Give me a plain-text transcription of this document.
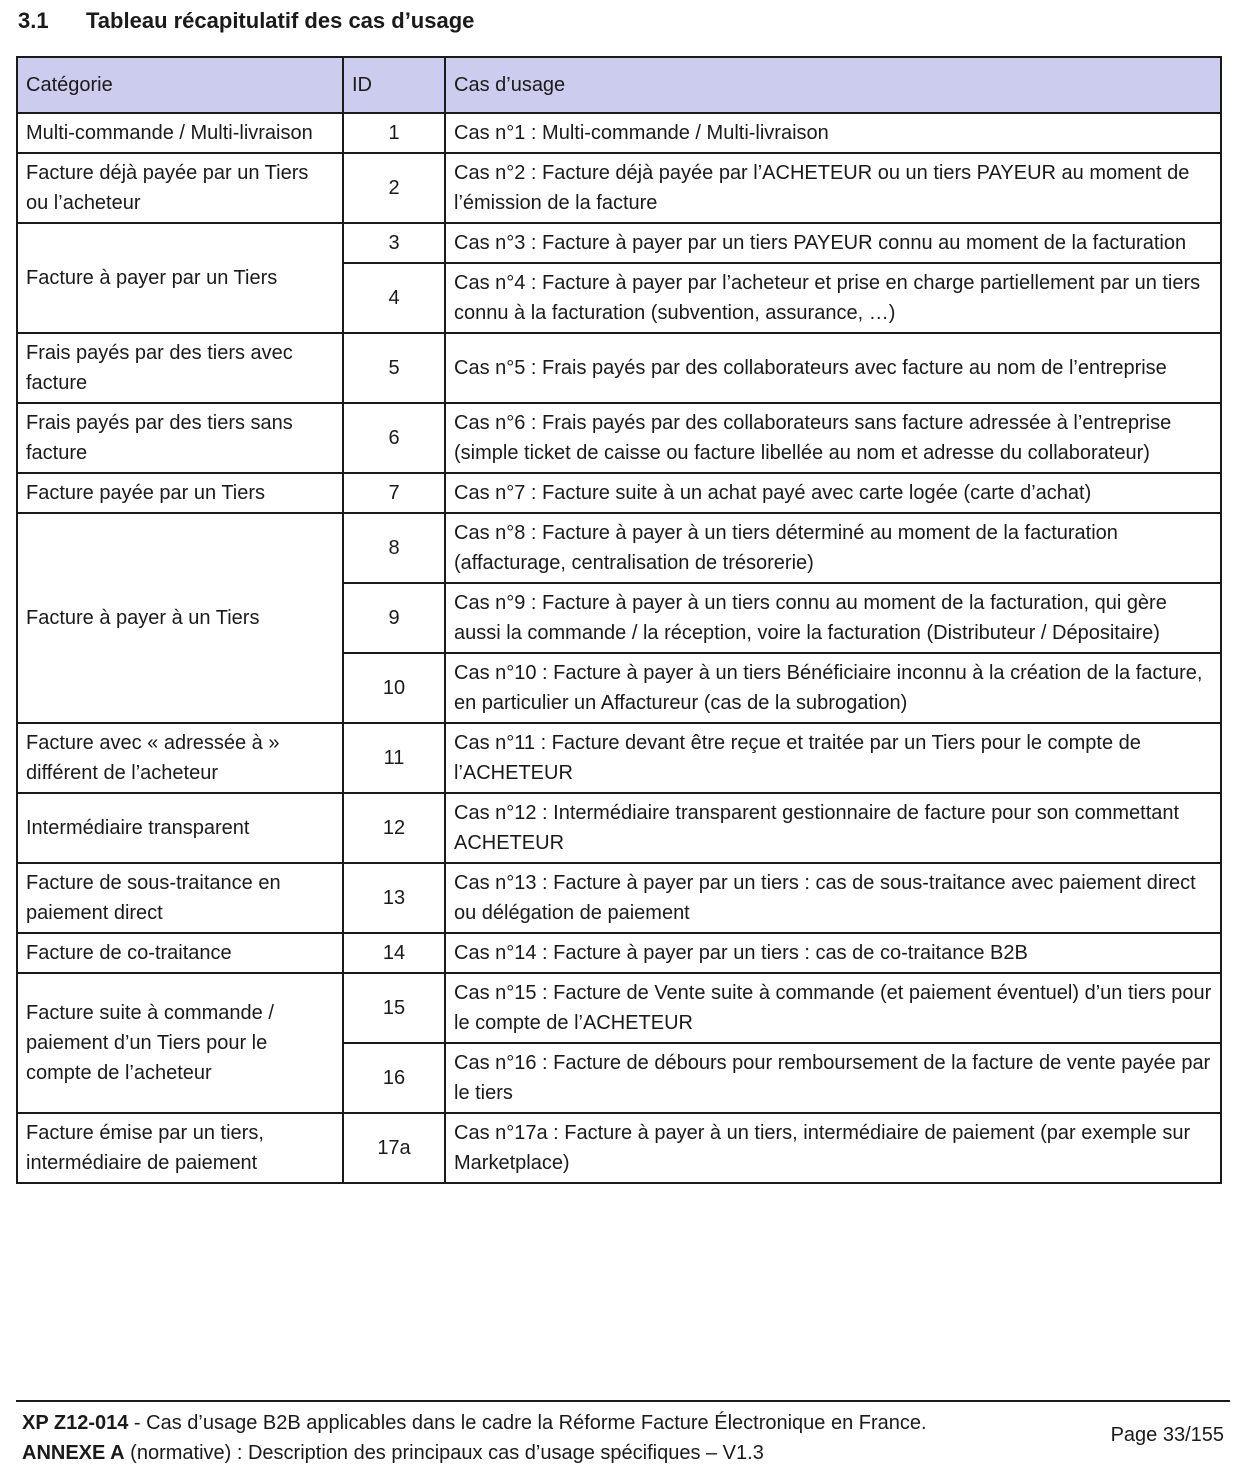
3.1 Tableau récapitulatif des cas d’usage
Catégorie	ID	Cas d’usage
Multi-commande / Multi-livraison	1	Cas n°1 : Multi-commande / Multi-livraison
Facture déjà payée par un Tiers ou l’acheteur	2	Cas n°2 : Facture déjà payée par l’ACHETEUR ou un tiers PAYEUR au moment de l’émission de la facture
Facture à payer par un Tiers	3	Cas n°3 : Facture à payer par un tiers PAYEUR connu au moment de la facturation
	4	Cas n°4 : Facture à payer par l’acheteur et prise en charge partiellement par un tiers connu à la facturation (subvention, assurance, …)
Frais payés par des tiers avec facture	5	Cas n°5 : Frais payés par des collaborateurs avec facture au nom de l’entreprise
Frais payés par des tiers sans facture	6	Cas n°6 : Frais payés par des collaborateurs sans facture adressée à l’entreprise (simple ticket de caisse ou facture libellée au nom et adresse du collaborateur)
Facture payée par un Tiers	7	Cas n°7 : Facture suite à un achat payé avec carte logée (carte d’achat)
Facture à payer à un Tiers	8	Cas n°8 : Facture à payer à un tiers déterminé au moment de la facturation (affacturage, centralisation de trésorerie)
	9	Cas n°9 : Facture à payer à un tiers connu au moment de la facturation, qui gère aussi la commande / la réception, voire la facturation (Distributeur / Dépositaire)
	10	Cas n°10 : Facture à payer à un tiers Bénéficiaire inconnu à la création de la facture, en particulier un Affactureur (cas de la subrogation)
Facture avec « adressée à » différent de l’acheteur	11	Cas n°11 : Facture devant être reçue et traitée par un Tiers pour le compte de l’ACHETEUR
Intermédiaire transparent	12	Cas n°12 : Intermédiaire transparent gestionnaire de facture pour son commettant ACHETEUR
Facture de sous-traitance en paiement direct	13	Cas n°13 : Facture à payer par un tiers : cas de sous-traitance avec paiement direct ou délégation de paiement
Facture de co-traitance	14	Cas n°14 : Facture à payer par un tiers : cas de co-traitance B2B
Facture suite à commande / paiement d’un Tiers pour le compte de l’acheteur	15	Cas n°15 : Facture de Vente suite à commande (et paiement éventuel) d’un tiers pour le compte de l’ACHETEUR
	16	Cas n°16 : Facture de débours pour remboursement de la facture de vente payée par le tiers
Facture émise par un tiers, intermédiaire de paiement	17a	Cas n°17a : Facture à payer à un tiers, intermédiaire de paiement (par exemple sur Marketplace)
XP Z12-014 - Cas d’usage B2B applicables dans le cadre la Réforme Facture Électronique en France.
ANNEXE A (normative) : Description des principaux cas d’usage spécifiques – V1.3
Page 33/155
